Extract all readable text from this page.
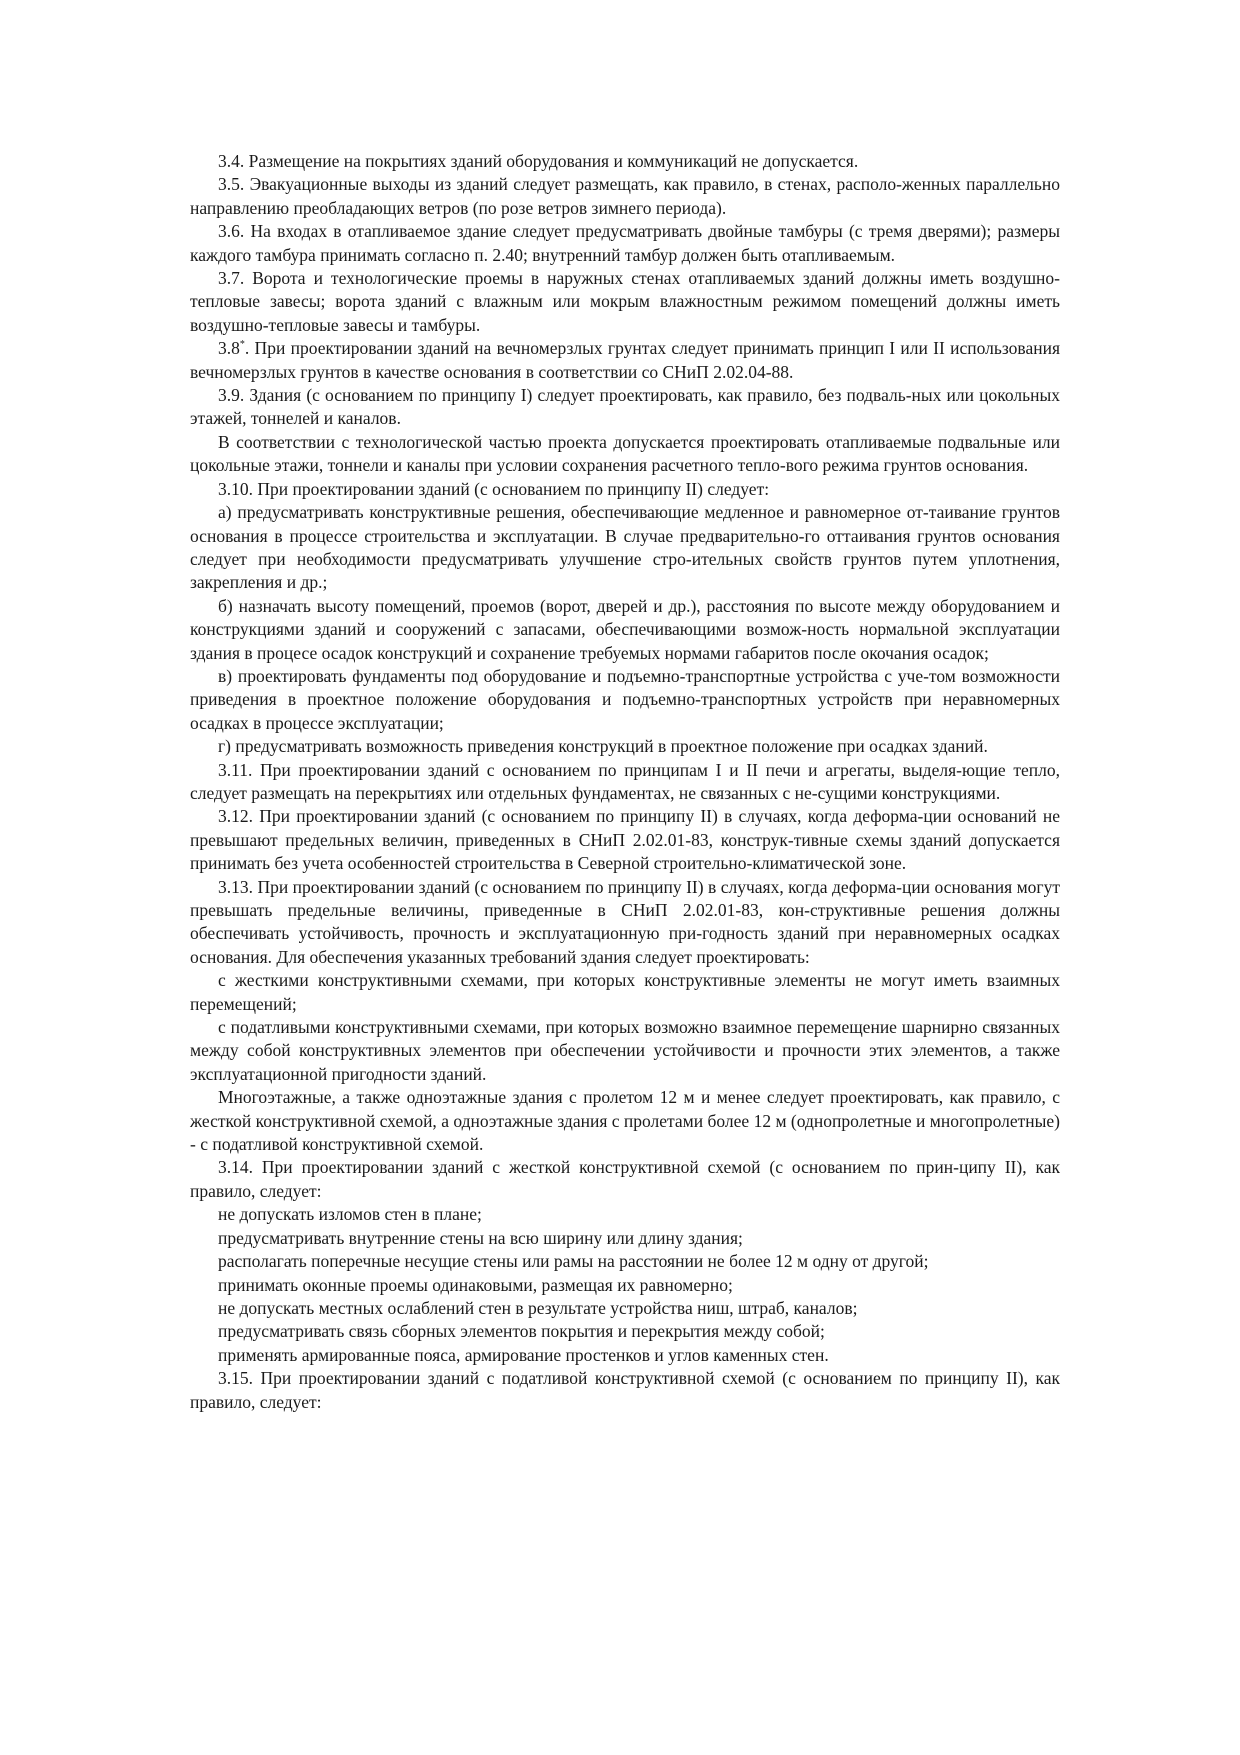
3.4. Размещение на покрытиях зданий оборудования и коммуникаций не допускается.

3.5. Эвакуационные выходы из зданий следует размещать, как правило, в стенах, располо-женных параллельно направлению преобладающих ветров (по розе ветров зимнего периода).

3.6. На входах в отапливаемое здание следует предусматривать двойные тамбуры (с тремя дверями); размеры каждого тамбура принимать согласно п. 2.40; внутренний тамбур должен быть отапливаемым.

3.7. Ворота и технологические проемы в наружных стенах отапливаемых зданий должны иметь воздушно-тепловые завесы; ворота зданий с влажным или мокрым влажностным режимом помещений должны иметь воздушно-тепловые завесы и тамбуры.

3.8*. При проектировании зданий на вечномерзлых грунтах следует принимать принцип I или II использования вечномерзлых грунтов в качестве основания в соответствии со СНиП 2.02.04-88.

3.9. Здания (с основанием по принципу I) следует проектировать, как правило, без подваль-ных или цокольных этажей, тоннелей и каналов.

В соответствии с технологической частью проекта допускается проектировать отапливаемые подвальные или цокольные этажи, тоннели и каналы при условии сохранения расчетного тепло-вого режима грунтов основания.

3.10. При проектировании зданий (с основанием по принципу II) следует:

а) предусматривать конструктивные решения, обеспечивающие медленное и равномерное от-таивание грунтов основания в процессе строительства и эксплуатации. В случае предварительно-го оттаивания грунтов основания следует при необходимости предусматривать улучшение стро-ительных свойств грунтов путем уплотнения, закрепления и др.;

б) назначать высоту помещений, проемов (ворот, дверей и др.), расстояния по высоте между оборудованием и конструкциями зданий и сооружений с запасами, обеспечивающими возмож-ность нормальной эксплуатации здания в процесе осадок конструкций и сохранение требуемых нормами габаритов после окочания осадок;

в) проектировать фундаменты под оборудование и подъемно-транспортные устройства с уче-том возможности приведения в проектное положение оборудования и подъемно-транспортных устройств при неравномерных осадках в процессе эксплуатации;

г) предусматривать возможность приведения конструкций в проектное положение при осадках зданий.

3.11. При проектировании зданий с основанием по принципам I и II печи и агрегаты, выделя-ющие тепло, следует размещать на перекрытиях или отдельных фундаментах, не связанных с не-сущими конструкциями.

3.12. При проектировании зданий (с основанием по принципу II) в случаях, когда деформа-ции оснований не превышают предельных величин, приведенных в СНиП 2.02.01-83, конструк-тивные схемы зданий допускается принимать без учета особенностей строительства в Северной строительно-климатической зоне.

3.13. При проектировании зданий (с основанием по принципу II) в случаях, когда деформа-ции основания могут превышать предельные величины, приведенные в СНиП 2.02.01-83, кон-структивные решения должны обеспечивать устойчивость, прочность и эксплуатационную при-годность зданий при неравномерных осадках основания. Для обеспечения указанных требований здания следует проектировать:

с жесткими конструктивными схемами, при которых конструктивные элементы не могут иметь взаимных перемещений;

с податливыми конструктивными схемами, при которых возможно взаимное перемещение шарнирно связанных между собой конструктивных элементов при обеспечении устойчивости и прочности этих элементов, а также эксплуатационной пригодности зданий.

Многоэтажные, а также одноэтажные здания с пролетом 12 м и менее следует проектировать, как правило, с жесткой конструктивной схемой, а одноэтажные здания с пролетами более 12 м (однопролетные и многопролетные) - с податливой конструктивной схемой.

3.14. При проектировании зданий с жесткой конструктивной схемой (с основанием по прин-ципу II), как правило, следует:

не допускать изломов стен в плане;

предусматривать внутренние стены на всю ширину или длину здания;

располагать поперечные несущие стены или рамы на расстоянии не более 12 м одну от другой;

принимать оконные проемы одинаковыми, размещая их равномерно;

не допускать местных ослаблений стен в результате устройства ниш, штраб, каналов;

предусматривать связь сборных элементов покрытия и перекрытия между собой;

применять армированные пояса, армирование простенков и углов каменных стен.

3.15. При проектировании зданий с податливой конструктивной схемой (с основанием по принципу II), как правило, следует:
